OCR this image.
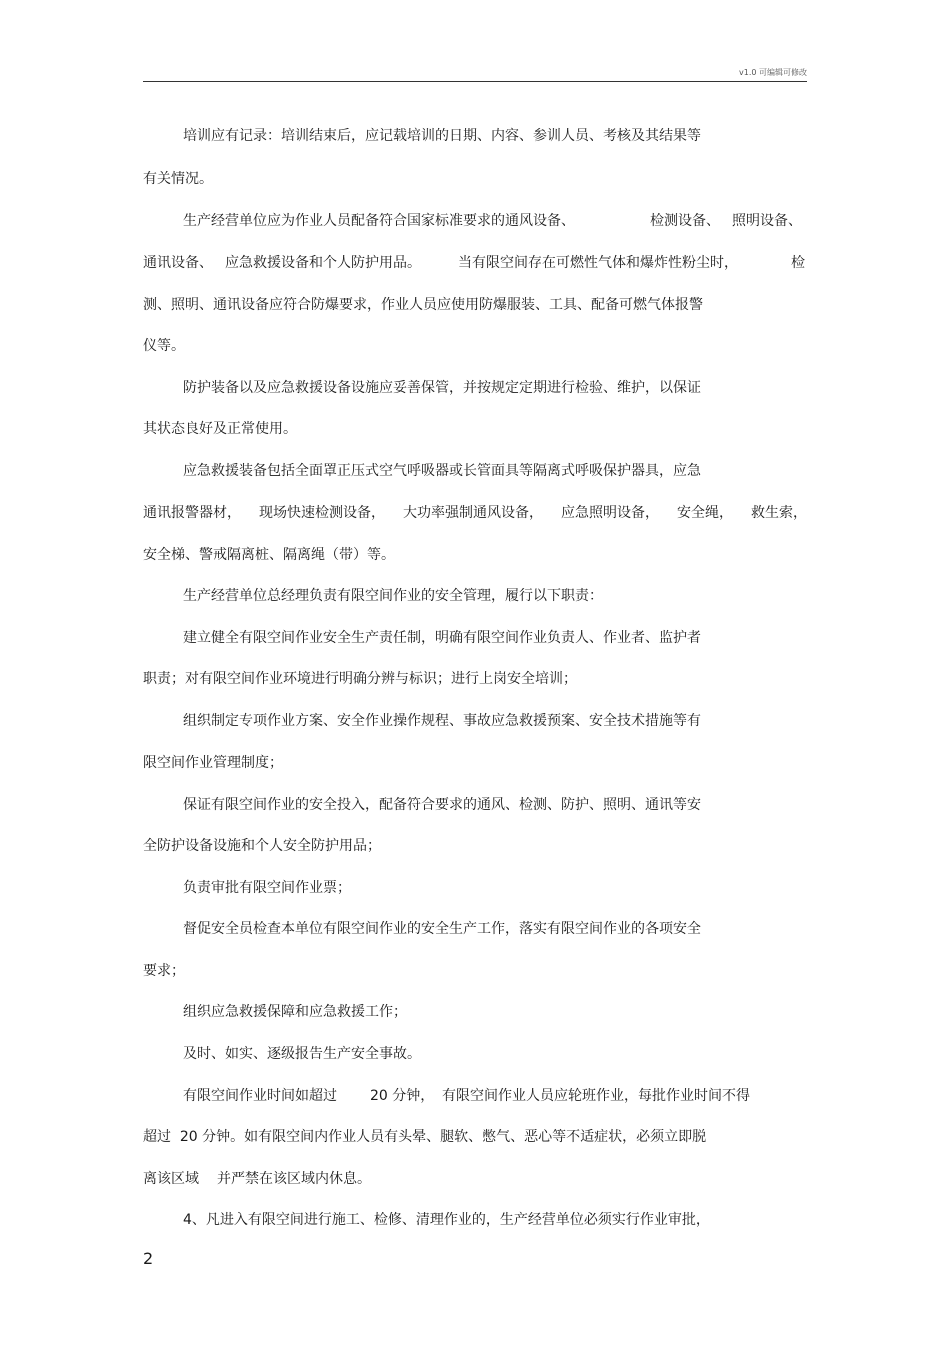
v1.0 可编辑可修改
培训应有记录：培训结束后，应记载培训的日期、内容、参训人员、考核及其结果等
有关情况。
生产经营单位应为作业人员配备符合国家标准要求的通风设备、	检测设备、 照明设备、
通讯设备、 应急救援设备和个人防护用品。	当有限空间存在可燃性气体和爆炸性粉尘时，	检
测、照明、通讯设备应符合防爆要求，作业人员应使用防爆服装、工具、配备可燃气体报警
仪等。
防护装备以及应急救援设备设施应妥善保管，并按规定定期进行检验、维护，以保证
其状态良好及正常使用。
应急救援装备包括全面罩正压式空气呼吸器或长管面具等隔离式呼吸保护器具，应急
通讯报警器材， 现场快速检测设备， 大功率强制通风设备， 应急照明设备， 安全绳， 救生索，
安全梯、警戒隔离桩、隔离绳（带）等。
生产经营单位总经理负责有限空间作业的安全管理，履行以下职责：
建立健全有限空间作业安全生产责任制，明确有限空间作业负责人、作业者、监护者
职责；对有限空间作业环境进行明确分辨与标识；进行上岗安全培训；
组织制定专项作业方案、安全作业操作规程、事故应急救援预案、安全技术措施等有
限空间作业管理制度；
保证有限空间作业的安全投入，配备符合要求的通风、检测、防护、照明、通讯等安
全防护设备设施和个人安全防护用品；
负责审批有限空间作业票；
督促安全员检查本单位有限空间作业的安全生产工作，落实有限空间作业的各项安全
要求；
组织应急救援保障和应急救援工作；
及时、如实、逐级报告生产安全事故。
有限空间作业时间如超过 20 分钟， 有限空间作业人员应轮班作业，每批作业时间不得
超过  20 分钟。如有限空间内作业人员有头晕、腿软、憋气、恶心等不适症状，必须立即脱
离该区域 并严禁在该区域内休息。
4、凡进入有限空间进行施工、检修、清理作业的，生产经营单位必须实行作业审批，
2
